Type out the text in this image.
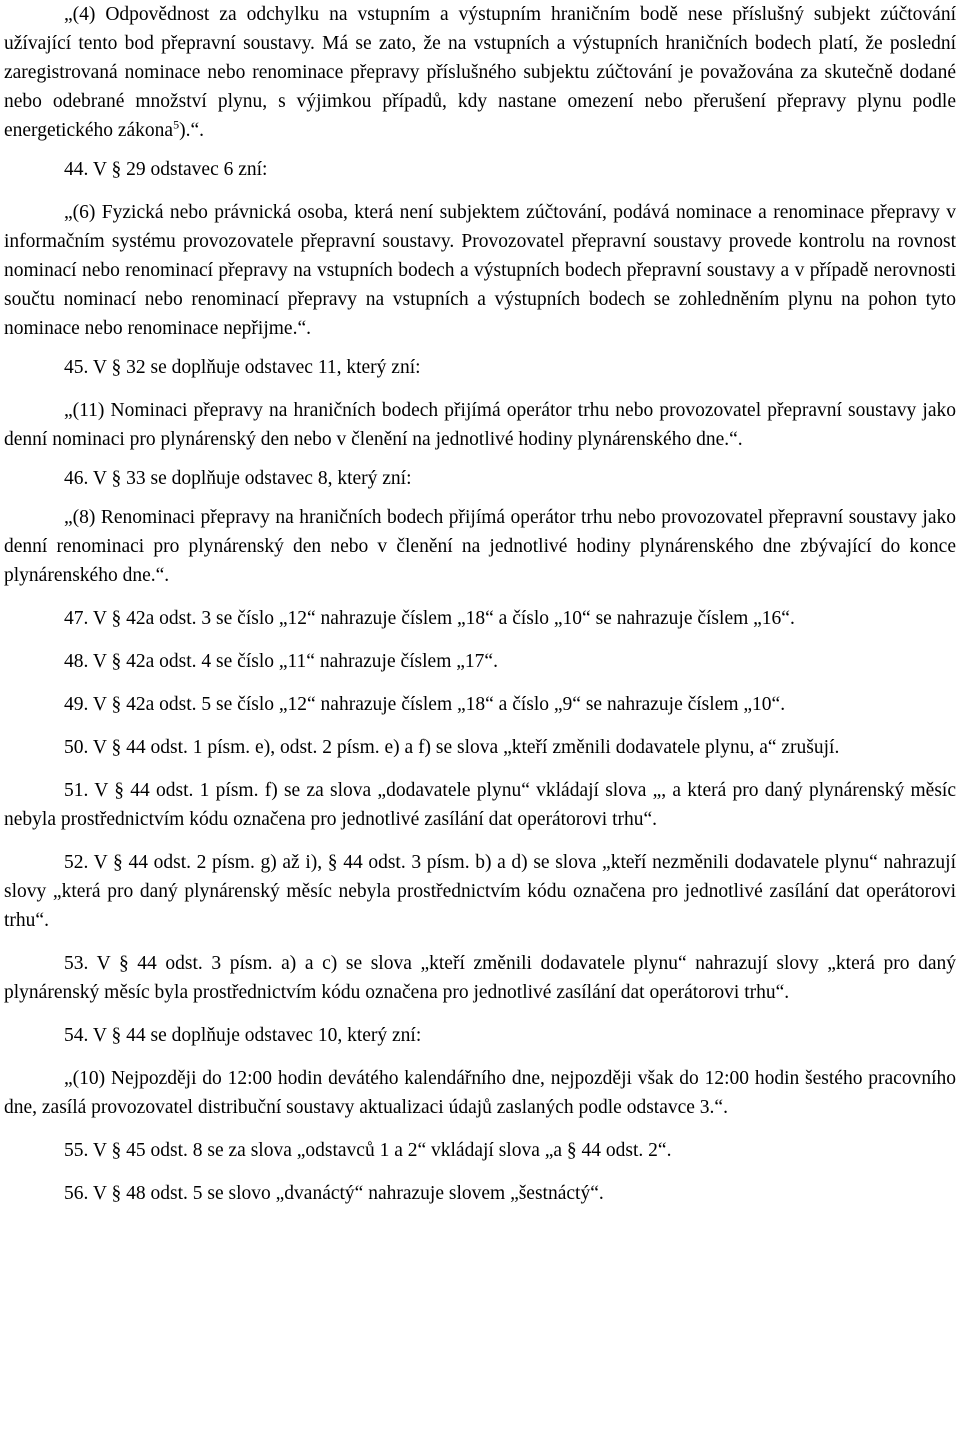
„(4) Odpovědnost za odchylku na vstupním a výstupním hraničním bodě nese příslušný subjekt zúčtování užívající tento bod přepravní soustavy. Má se zato, že na vstupních a výstupních hraničních bodech platí, že poslední zaregistrovaná nominace nebo renominace přepravy příslušného subjektu zúčtování je považována za skutečně dodané nebo odebrané množství plynu, s výjimkou případů, kdy nastane omezení nebo přerušení přepravy plynu podle energetického zákona$^5$).“.

44. V § 29 odstavec 6 zní:

„(6) Fyzická nebo právnická osoba, která není subjektem zúčtování, podává nominace a renominace přepravy v informačním systému provozovatele přepravní soustavy. Provozovatel přepravní soustavy provede kontrolu na rovnost nominací nebo renominací přepravy na vstupních bodech a výstupních bodech přepravní soustavy a v případě nerovnosti součtu nominací nebo renominací přepravy na vstupních a výstupních bodech se zohledněním plynu na pohon tyto nominace nebo renominace nepřijme.“.

45. V § 32 se doplňuje odstavec 11, který zní:

„(11) Nominaci přepravy na hraničních bodech přijímá operátor trhu nebo provozovatel přepravní soustavy jako denní nominaci pro plynárenský den nebo v členění na jednotlivé hodiny plynárenského dne.“.

46. V § 33 se doplňuje odstavec 8, který zní:

„(8) Renominaci přepravy na hraničních bodech přijímá operátor trhu nebo provozovatel přepravní soustavy jako denní renominaci pro plynárenský den nebo v členění na jednotlivé hodiny plynárenského dne zbývající do konce plynárenského dne.“.

47. V § 42a odst. 3 se číslo „12“ nahrazuje číslem „18“ a číslo „10“ se nahrazuje číslem „16“.

48. V § 42a odst. 4 se číslo „11“ nahrazuje číslem „17“.

49. V § 42a odst. 5 se číslo „12“ nahrazuje číslem „18“ a číslo „9“ se nahrazuje číslem „10“.

50. V § 44 odst. 1 písm. e), odst. 2 písm. e) a f) se slova „kteří změnili dodavatele plynu, a“ zrušují.

51. V § 44 odst. 1 písm. f) se za slova „dodavatele plynu“ vkládají slova „, a která pro daný plynárenský měsíc nebyla prostřednictvím kódu označena pro jednotlivé zasílání dat operátorovi trhu“.

52. V § 44 odst. 2 písm. g) až i), § 44 odst. 3 písm. b) a d) se slova „kteří nezměnili dodavatele plynu“ nahrazují slovy „která pro daný plynárenský měsíc nebyla prostřednictvím kódu označena pro jednotlivé zasílání dat operátorovi trhu“.

53. V § 44 odst. 3 písm. a) a c) se slova „kteří změnili dodavatele plynu“ nahrazují slovy „která pro daný plynárenský měsíc byla prostřednictvím kódu označena pro jednotlivé zasílání dat operátorovi trhu“.

54. V § 44 se doplňuje odstavec 10, který zní:

„(10) Nejpozději do 12:00 hodin devátého kalendářního dne, nejpozději však do 12:00 hodin šestého pracovního dne, zasílá provozovatel distribuční soustavy aktualizaci údajů zaslaných podle odstavce 3.“.

55. V § 45 odst. 8 se za slova „odstavců 1 a 2“ vkládají slova „a § 44 odst. 2“.

56. V § 48 odst. 5 se slovo „dvanáctý“ nahrazuje slovem „šestnáctý“.
